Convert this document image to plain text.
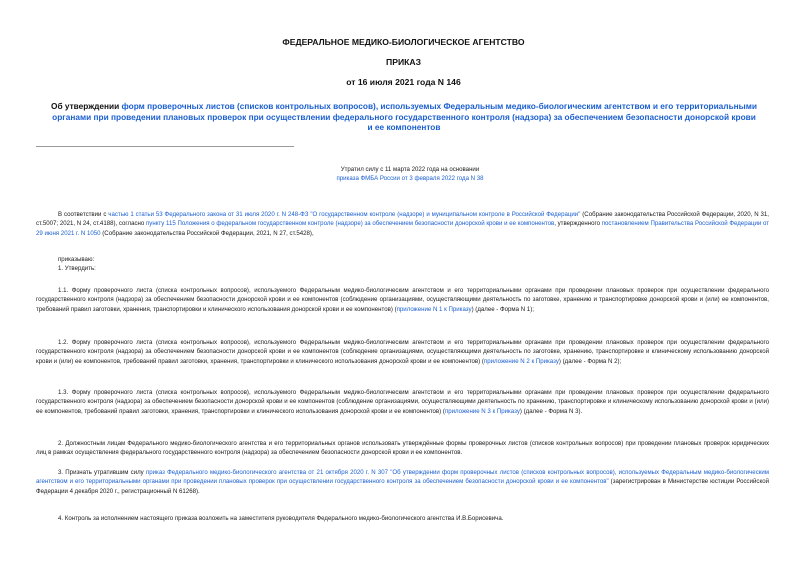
ФЕДЕРАЛЬНОЕ МЕДИКО-БИОЛОГИЧЕСКОЕ АГЕНТСТВО
ПРИКАЗ
от 16 июля 2021 года N 146
Об утверждении форм проверочных листов (списков контрольных вопросов), используемых Федеральным медико-биологическим агентством и его территориальными органами при проведении плановых проверок при осуществлении федерального государственного контроля (надзора) за обеспечением безопасности донорской крови и ее компонентов
Утратил силу с 11 марта 2022 года на основании
приказа ФМБА России от 3 февраля 2022 года N 38

В соответствии с частью 1 статьи 53 Федерального закона от 31 июля 2020 г. N 248-ФЗ "О государственном контроле (надзоре) и муниципальном контроле в Российской Федерации" (Собрание законодательства Российской Федерации, 2020, N 31, ст.5007; 2021, N 24, ст.4188), согласно пункту 115 Положения о федеральном государственном контроле (надзоре) за обеспечением безопасности донорской крови и ее компонентов, утвержденного постановлением Правительства Российской Федерации от 29 июня 2021 г. N 1050 (Собрание законодательства Российской Федерации, 2021, N 27, ст.5428),

приказываю:

1. Утвердить:

1.1. Форму проверочного листа (списка контрольных вопросов), используемого Федеральным медико-биологическим агентством и его территориальными органами при проведении плановых проверок при осуществлении федерального государственного контроля (надзора) за обеспечением безопасности донорской крови и ее компонентов (соблюдение организациями, осуществляющими деятельность по заготовке, хранению и транспортировке донорской крови и (или) ее компонентов, требований правил заготовки, хранения, транспортировки и клинического использования донорской крови и ее компонентов) (приложение N 1 к Приказу) (далее - Форма N 1);

1.2. Форму проверочного листа (списка контрольных вопросов), используемого Федеральным медико-биологическим агентством и его территориальными органами при проведении плановых проверок при осуществлении федерального государственного контроля (надзора) за обеспечением безопасности донорской крови и ее компонентов (соблюдение организациями, осуществляющими деятельность по заготовке, хранению, транспортировке и клиническому использованию донорской крови и (или) ее компонентов, требований правил заготовки, хранения, транспортировки и клинического использования донорской крови и ее компонентов) (приложение N 2 к Приказу) (далее - Форма N 2);

1.3. Форму проверочного листа (списка контрольных вопросов), используемого Федеральным медико-биологическим агентством и его территориальными органами при проведении плановых проверок при осуществлении федерального государственного контроля (надзора) за обеспечением безопасности донорской крови и ее компонентов (соблюдение организациями, осуществляющими деятельность по хранению, транспортировке и клиническому использованию донорской крови и (или) ее компонентов, требований правил заготовки, хранения, транспортировки и клинического использования донорской крови и ее компонентов) (приложение N 3 к Приказу) (далее - Форма N 3).

2. Должностным лицам Федерального медико-биологического агентства и его территориальных органов использовать утверждённые формы проверочных листов (списков контрольных вопросов) при проведении плановых проверок юридических лиц в рамках осуществления федерального государственного контроля (надзора) за обеспечением безопасности донорской крови и ее компонентов.

3. Признать утратившим силу приказ Федерального медико-биологического агентства от 21 октября 2020 г. N 307 "Об утверждении форм проверочных листов (списков контрольных вопросов), используемых Федеральным медико-биологическим агентством и его территориальными органами при проведении плановых проверок при осуществлении государственного контроля за обеспечением безопасности донорской крови и ее компонентов" (зарегистрирован в Министерстве юстиции Российской Федерации 4 декабря 2020 г., регистрационный N 61268).

4. Контроль за исполнением настоящего приказа возложить на заместителя руководителя Федерального медико-биологического агентства И.В.Борисевича.
